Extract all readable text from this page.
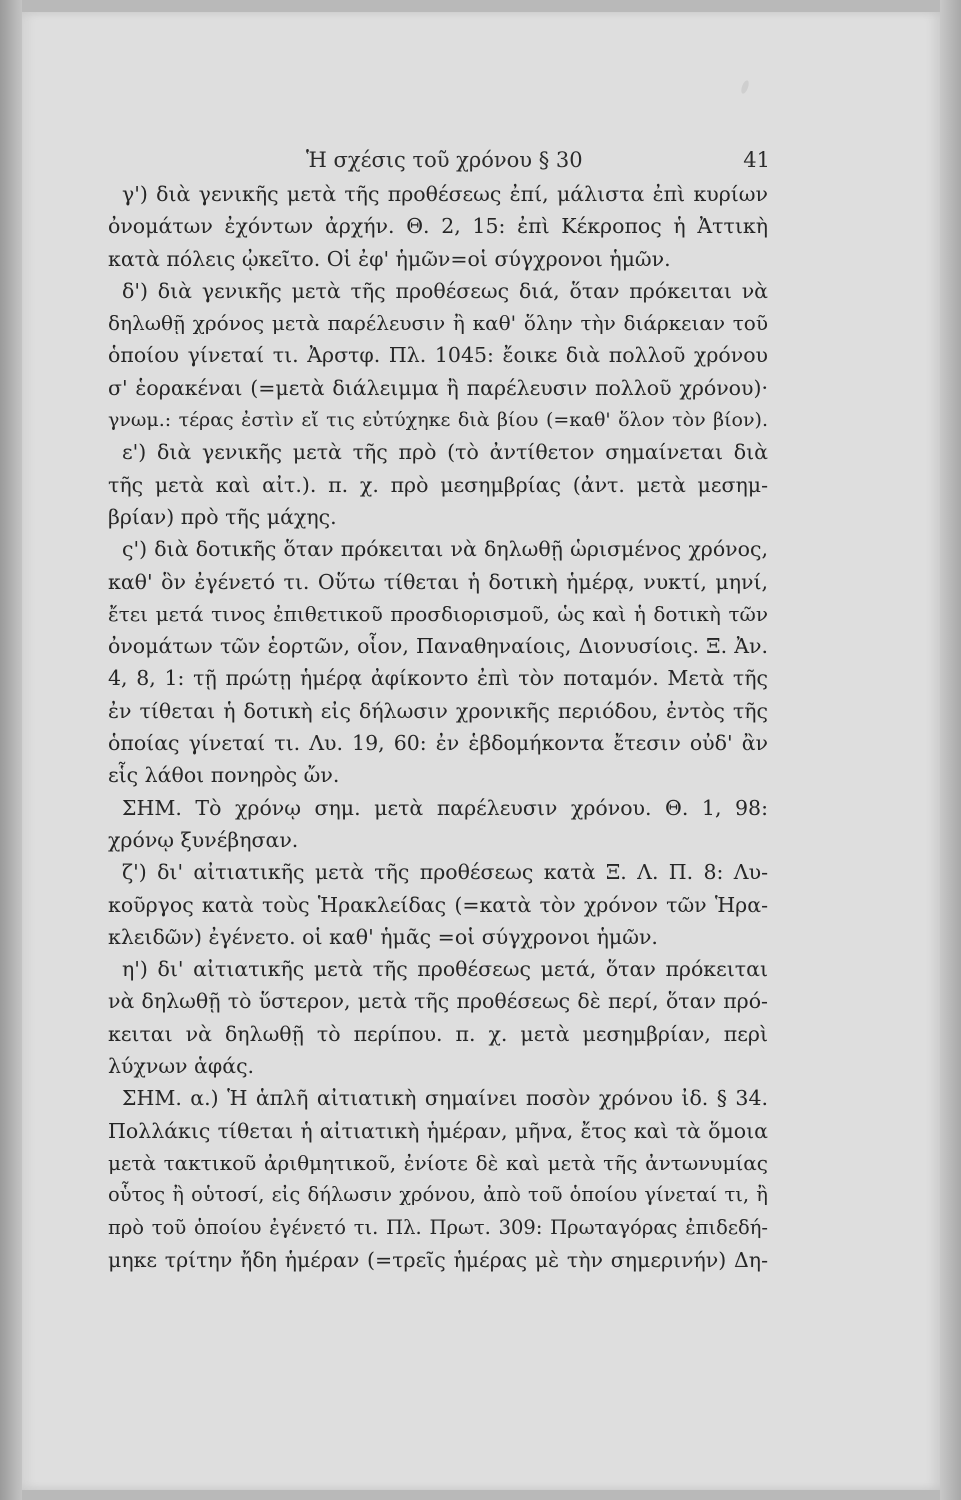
Ἡ σχέσις τοῦ χρόνου § 30	41
γ') διὰ γενικῆς μετὰ τῆς προθέσεως ἐπί, μάλιστα ἐπὶ κυρίων
ὀνομάτων ἐχόντων ἀρχήν. Θ. 2, 15: ἐπὶ Κέκροπος ἡ Ἀττικὴ
κατὰ πόλεις ᾠκεῖτο. Οἱ ἐφ' ἡμῶν=οἱ σύγχρονοι ἡμῶν.
δ') διὰ γενικῆς μετὰ τῆς προθέσεως διά, ὅταν πρόκειται νὰ
δηλωθῇ χρόνος μετὰ παρέλευσιν ἢ καθ' ὅλην τὴν διάρκειαν τοῦ
ὁποίου γίνεταί τι. Ἀρστφ. Πλ. 1045: ἔοικε διὰ πολλοῦ χρόνου
σ' ἑορακέναι (=μετὰ διάλειμμα ἢ παρέλευσιν πολλοῦ χρόνου)·
γνωμ.: τέρας ἐστὶν εἴ τις εὐτύχηκε διὰ βίου (=καθ' ὅλον τὸν βίον).
ε') διὰ γενικῆς μετὰ τῆς πρὸ (τὸ ἀντίθετον σημαίνεται διὰ
τῆς μετὰ καὶ αἰτ.). π. χ. πρὸ μεσημβρίας (ἀντ. μετὰ μεσημ-
βρίαν) πρὸ τῆς μάχης.
ς') διὰ δοτικῆς ὅταν πρόκειται νὰ δηλωθῇ ὡρισμένος χρόνος,
καθ' ὃν ἐγένετό τι. Οὕτω τίθεται ἡ δοτικὴ ἡμέρᾳ, νυκτί, μηνί,
ἔτει μετά τινος ἐπιθετικοῦ προσδιορισμοῦ, ὡς καὶ ἡ δοτικὴ τῶν
ὀνομάτων τῶν ἑορτῶν, οἷον, Παναθηναίοις, Διονυσίοις. Ξ. Ἀν.
4, 8, 1: τῇ πρώτῃ ἡμέρᾳ ἀφίκοντο ἐπὶ τὸν ποταμόν. Μετὰ τῆς
ἐν τίθεται ἡ δοτικὴ εἰς δήλωσιν χρονικῆς περιόδου, ἐντὸς τῆς
ὁποίας γίνεταί τι. Λυ. 19, 60: ἐν ἑβδομήκοντα ἔτεσιν οὐδ' ἂν
εἷς λάθοι πονηρὸς ὤν.
ΣΗΜ. Τὸ χρόνῳ σημ. μετὰ παρέλευσιν χρόνου. Θ. 1, 98:
χρόνῳ ξυνέβησαν.
ζ') δι' αἰτιατικῆς μετὰ τῆς προθέσεως κατὰ Ξ. Λ. Π. 8: Λυ-
κοῦργος κατὰ τοὺς Ἡρακλείδας (=κατὰ τὸν χρόνον τῶν Ἡρα-
κλειδῶν) ἐγένετο. οἱ καθ' ἡμᾶς =οἱ σύγχρονοι ἡμῶν.
η') δι' αἰτιατικῆς μετὰ τῆς προθέσεως μετά, ὅταν πρόκειται
νὰ δηλωθῇ τὸ ὕστερον, μετὰ τῆς προθέσεως δὲ περί, ὅταν πρό-
κειται νὰ δηλωθῇ τὸ περίπου. π. χ. μετὰ μεσημβρίαν, περὶ
λύχνων ἁφάς.
ΣΗΜ. α.) Ἡ ἁπλῆ αἰτιατικὴ σημαίνει ποσὸν χρόνου ἰδ. § 34.
Πολλάκις τίθεται ἡ αἰτιατικὴ ἡμέραν, μῆνα, ἔτος καὶ τὰ ὅμοια
μετὰ τακτικοῦ ἀριθμητικοῦ, ἐνίοτε δὲ καὶ μετὰ τῆς ἀντωνυμίας
οὗτος ἢ οὑτοσί, εἰς δήλωσιν χρόνου, ἀπὸ τοῦ ὁποίου γίνεταί τι, ἢ
πρὸ τοῦ ὁποίου ἐγένετό τι. Πλ. Πρωτ. 309: Πρωταγόρας ἐπιδεδή-
μηκε τρίτην ἤδη ἡμέραν (=τρεῖς ἡμέρας μὲ τὴν σημερινήν) Δη-
